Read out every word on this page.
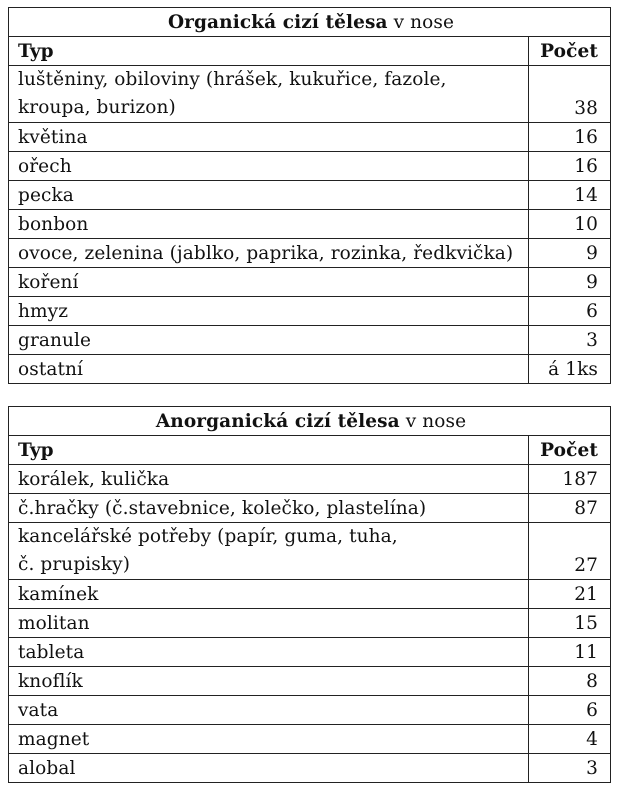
Organická cizí tělesa v nose	
Typ	Počet

luštěniny, obiloviny (hrášek, kukuřice, fazole,
kroupa, burizon)	38

květina	16

ořech	16

pecka	14

bonbon	10

ovoce, zelenina (jablko, paprika, rozinka, ředkvička)	9

koření	9

hmyz	6

granule	3

ostatní	á 1ks
Anorganická cizí tělesa v nose	
Typ	Počet

korálek, kulička	187

č.hračky (č.stavebnice, kolečko, plastelína)	87

kancelářské potřeby (papír, guma, tuha,
č. prupisky)	27

kamínek	21

molitan	15

tableta	11

knoflík	8

vata	6

magnet	4

alobal	3
